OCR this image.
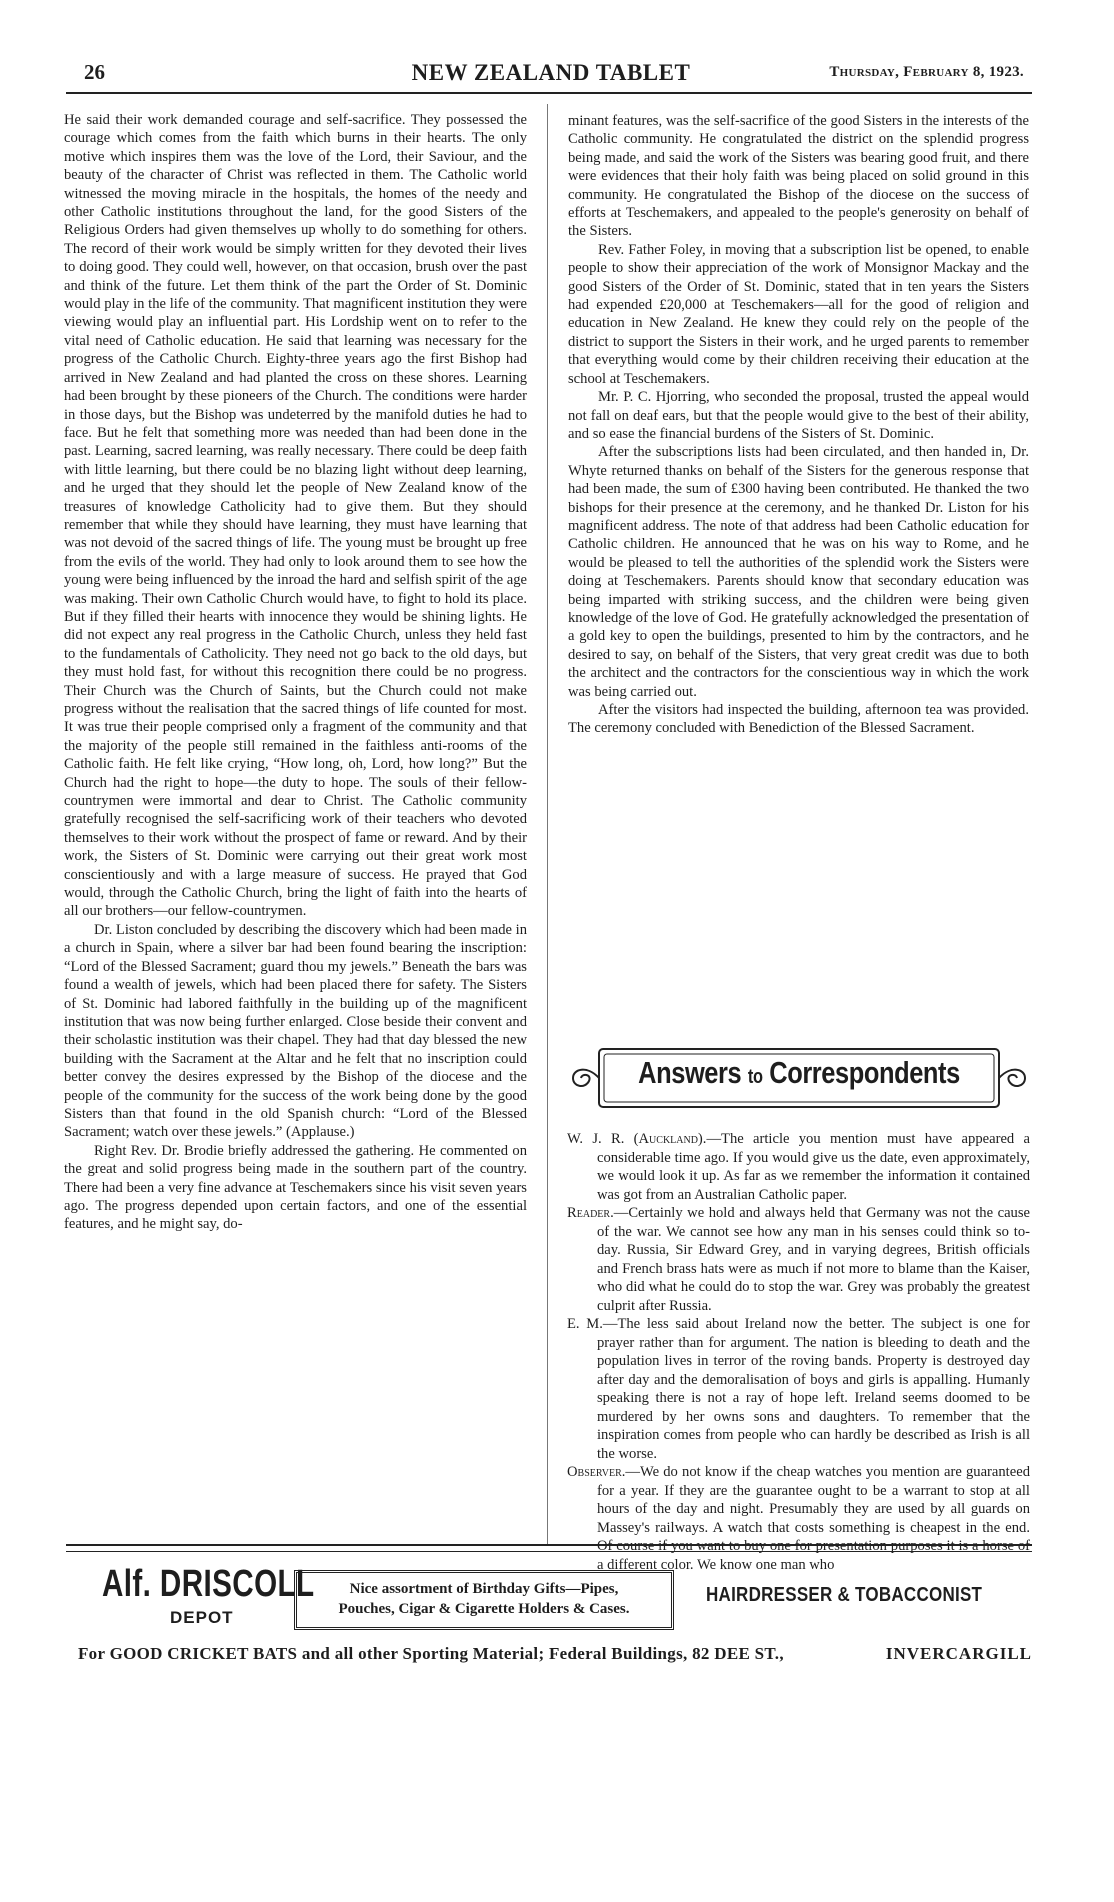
26	NEW ZEALAND TABLET	Thursday, February 8, 1923.

He said their work demanded courage and self-sacrifice. They possessed the courage which comes from the faith which burns in their hearts. The only motive which inspires them was the love of the Lord, their Saviour, and the beauty of the character of Christ was reflected in them. The Catholic world witnessed the moving miracle in the hospitals, the homes of the needy and other Catholic institutions throughout the land, for the good Sisters of the Religious Orders had given themselves up wholly to do something for others. The record of their work would be simply written for they devoted their lives to doing good. They could well, however, on that occasion, brush over the past and think of the future. Let them think of the part the Order of St. Dominic would play in the life of the community. That magnificent institution they were viewing would play an influential part. His Lordship went on to refer to the vital need of Catholic education. He said that learning was necessary for the progress of the Catholic Church. Eighty-three years ago the first Bishop had arrived in New Zealand and had planted the cross on these shores. Learning had been brought by these pioneers of the Church. The conditions were harder in those days, but the Bishop was undeterred by the manifold duties he had to face. But he felt that something more was needed than had been done in the past. Learning, sacred learning, was really necessary. There could be deep faith with little learning, but there could be no blazing light without deep learning, and he urged that they should let the people of New Zealand know of the treasures of knowledge Catholicity had to give them. But they should remember that while they should have learning, they must have learning that was not devoid of the sacred things of life. The young must be brought up free from the evils of the world. They had only to look around them to see how the young were being influenced by the inroad the hard and selfish spirit of the age was making. Their own Catholic Church would have, to fight to hold its place. But if they filled their hearts with innocence they would be shining lights. He did not expect any real progress in the Catholic Church, unless they held fast to the fundamentals of Catholicity. They need not go back to the old days, but they must hold fast, for without this recognition there could be no progress. Their Church was the Church of Saints, but the Church could not make progress without the realisation that the sacred things of life counted for most. It was true their people comprised only a fragment of the community and that the majority of the people still remained in the faithless anti-rooms of the Catholic faith. He felt like crying, “How long, oh, Lord, how long?” But the Church had the right to hope—the duty to hope. The souls of their fellow-countrymen were immortal and dear to Christ. The Catholic community gratefully recognised the self-sacrificing work of their teachers who devoted themselves to their work without the prospect of fame or reward. And by their work, the Sisters of St. Dominic were carrying out their great work most conscientiously and with a large measure of success. He prayed that God would, through the Catholic Church, bring the light of faith into the hearts of all our brothers—our fellow-countrymen.

Dr. Liston concluded by describing the discovery which had been made in a church in Spain, where a silver bar had been found bearing the inscription: “Lord of the Blessed Sacrament; guard thou my jewels.” Beneath the bars was found a wealth of jewels, which had been placed there for safety. The Sisters of St. Dominic had labored faithfully in the building up of the magnificent institution that was now being further enlarged. Close beside their convent and their scholastic institution was their chapel. They had that day blessed the new building with the Sacrament at the Altar and he felt that no inscription could better convey the desires expressed by the Bishop of the diocese and the people of the community for the success of the work being done by the good Sisters than that found in the old Spanish church: “Lord of the Blessed Sacrament; watch over these jewels.” (Applause.)

Right Rev. Dr. Brodie briefly addressed the gathering. He commented on the great and solid progress being made in the southern part of the country. There had been a very fine advance at Teschemakers since his visit seven years ago. The progress depended upon certain factors, and one of the essential features, and he might say, do-

minant features, was the self-sacrifice of the good Sisters in the interests of the Catholic community. He congratulated the district on the splendid progress being made, and said the work of the Sisters was bearing good fruit, and there were evidences that their holy faith was being placed on solid ground in this community. He congratulated the Bishop of the diocese on the success of efforts at Teschemakers, and appealed to the people's generosity on behalf of the Sisters.

Rev. Father Foley, in moving that a subscription list be opened, to enable people to show their appreciation of the work of Monsignor Mackay and the good Sisters of the Order of St. Dominic, stated that in ten years the Sisters had expended £20,000 at Teschemakers—all for the good of religion and education in New Zealand. He knew they could rely on the people of the district to support the Sisters in their work, and he urged parents to remember that everything would come by their children receiving their education at the school at Teschemakers.

Mr. P. C. Hjorring, who seconded the proposal, trusted the appeal would not fall on deaf ears, but that the people would give to the best of their ability, and so ease the financial burdens of the Sisters of St. Dominic.

After the subscriptions lists had been circulated, and then handed in, Dr. Whyte returned thanks on behalf of the Sisters for the generous response that had been made, the sum of £300 having been contributed. He thanked the two bishops for their presence at the ceremony, and he thanked Dr. Liston for his magnificent address. The note of that address had been Catholic education for Catholic children. He announced that he was on his way to Rome, and he would be pleased to tell the authorities of the splendid work the Sisters were doing at Teschemakers. Parents should know that secondary education was being imparted with striking success, and the children were being given knowledge of the love of God. He gratefully acknowledged the presentation of a gold key to open the buildings, presented to him by the contractors, and he desired to say, on behalf of the Sisters, that very great credit was due to both the architect and the contractors for the conscientious way in which the work was being carried out.

After the visitors had inspected the building, afternoon tea was provided. The ceremony concluded with Benediction of the Blessed Sacrament.

Answers to Correspondents

W. J. R. (Auckland).—The article you mention must have appeared a considerable time ago. If you would give us the date, even approximately, we would look it up. As far as we remember the information it contained was got from an Australian Catholic paper.

Reader.—Certainly we hold and always held that Germany was not the cause of the war. We cannot see how any man in his senses could think so to-day. Russia, Sir Edward Grey, and in varying degrees, British officials and French brass hats were as much if not more to blame than the Kaiser, who did what he could do to stop the war. Grey was probably the greatest culprit after Russia.

E. M.—The less said about Ireland now the better. The subject is one for prayer rather than for argument. The nation is bleeding to death and the population lives in terror of the roving bands. Property is destroyed day after day and the demoralisation of boys and girls is appalling. Humanly speaking there is not a ray of hope left. Ireland seems doomed to be murdered by her owns sons and daughters. To remember that the inspiration comes from people who can hardly be described as Irish is all the worse.

Observer.—We do not know if the cheap watches you mention are guaranteed for a year. If they are the guarantee ought to be a warrant to stop at all hours of the day and night. Presumably they are used by all guards on Massey's railways. A watch that costs something is cheapest in the end. Of course if you want to buy one for presentation purposes it is a horse of a different color. We know one man who

Alf. DRISCOLL
DEPOT
Nice assortment of Birthday Gifts—Pipes,
Pouches, Cigar & Cigarette Holders & Cases.
HAIRDRESSER & TOBACCONIST
For GOOD CRICKET BATS and all other Sporting Material; Federal Buildings, 82 DEE ST.,	INVERCARGILL
